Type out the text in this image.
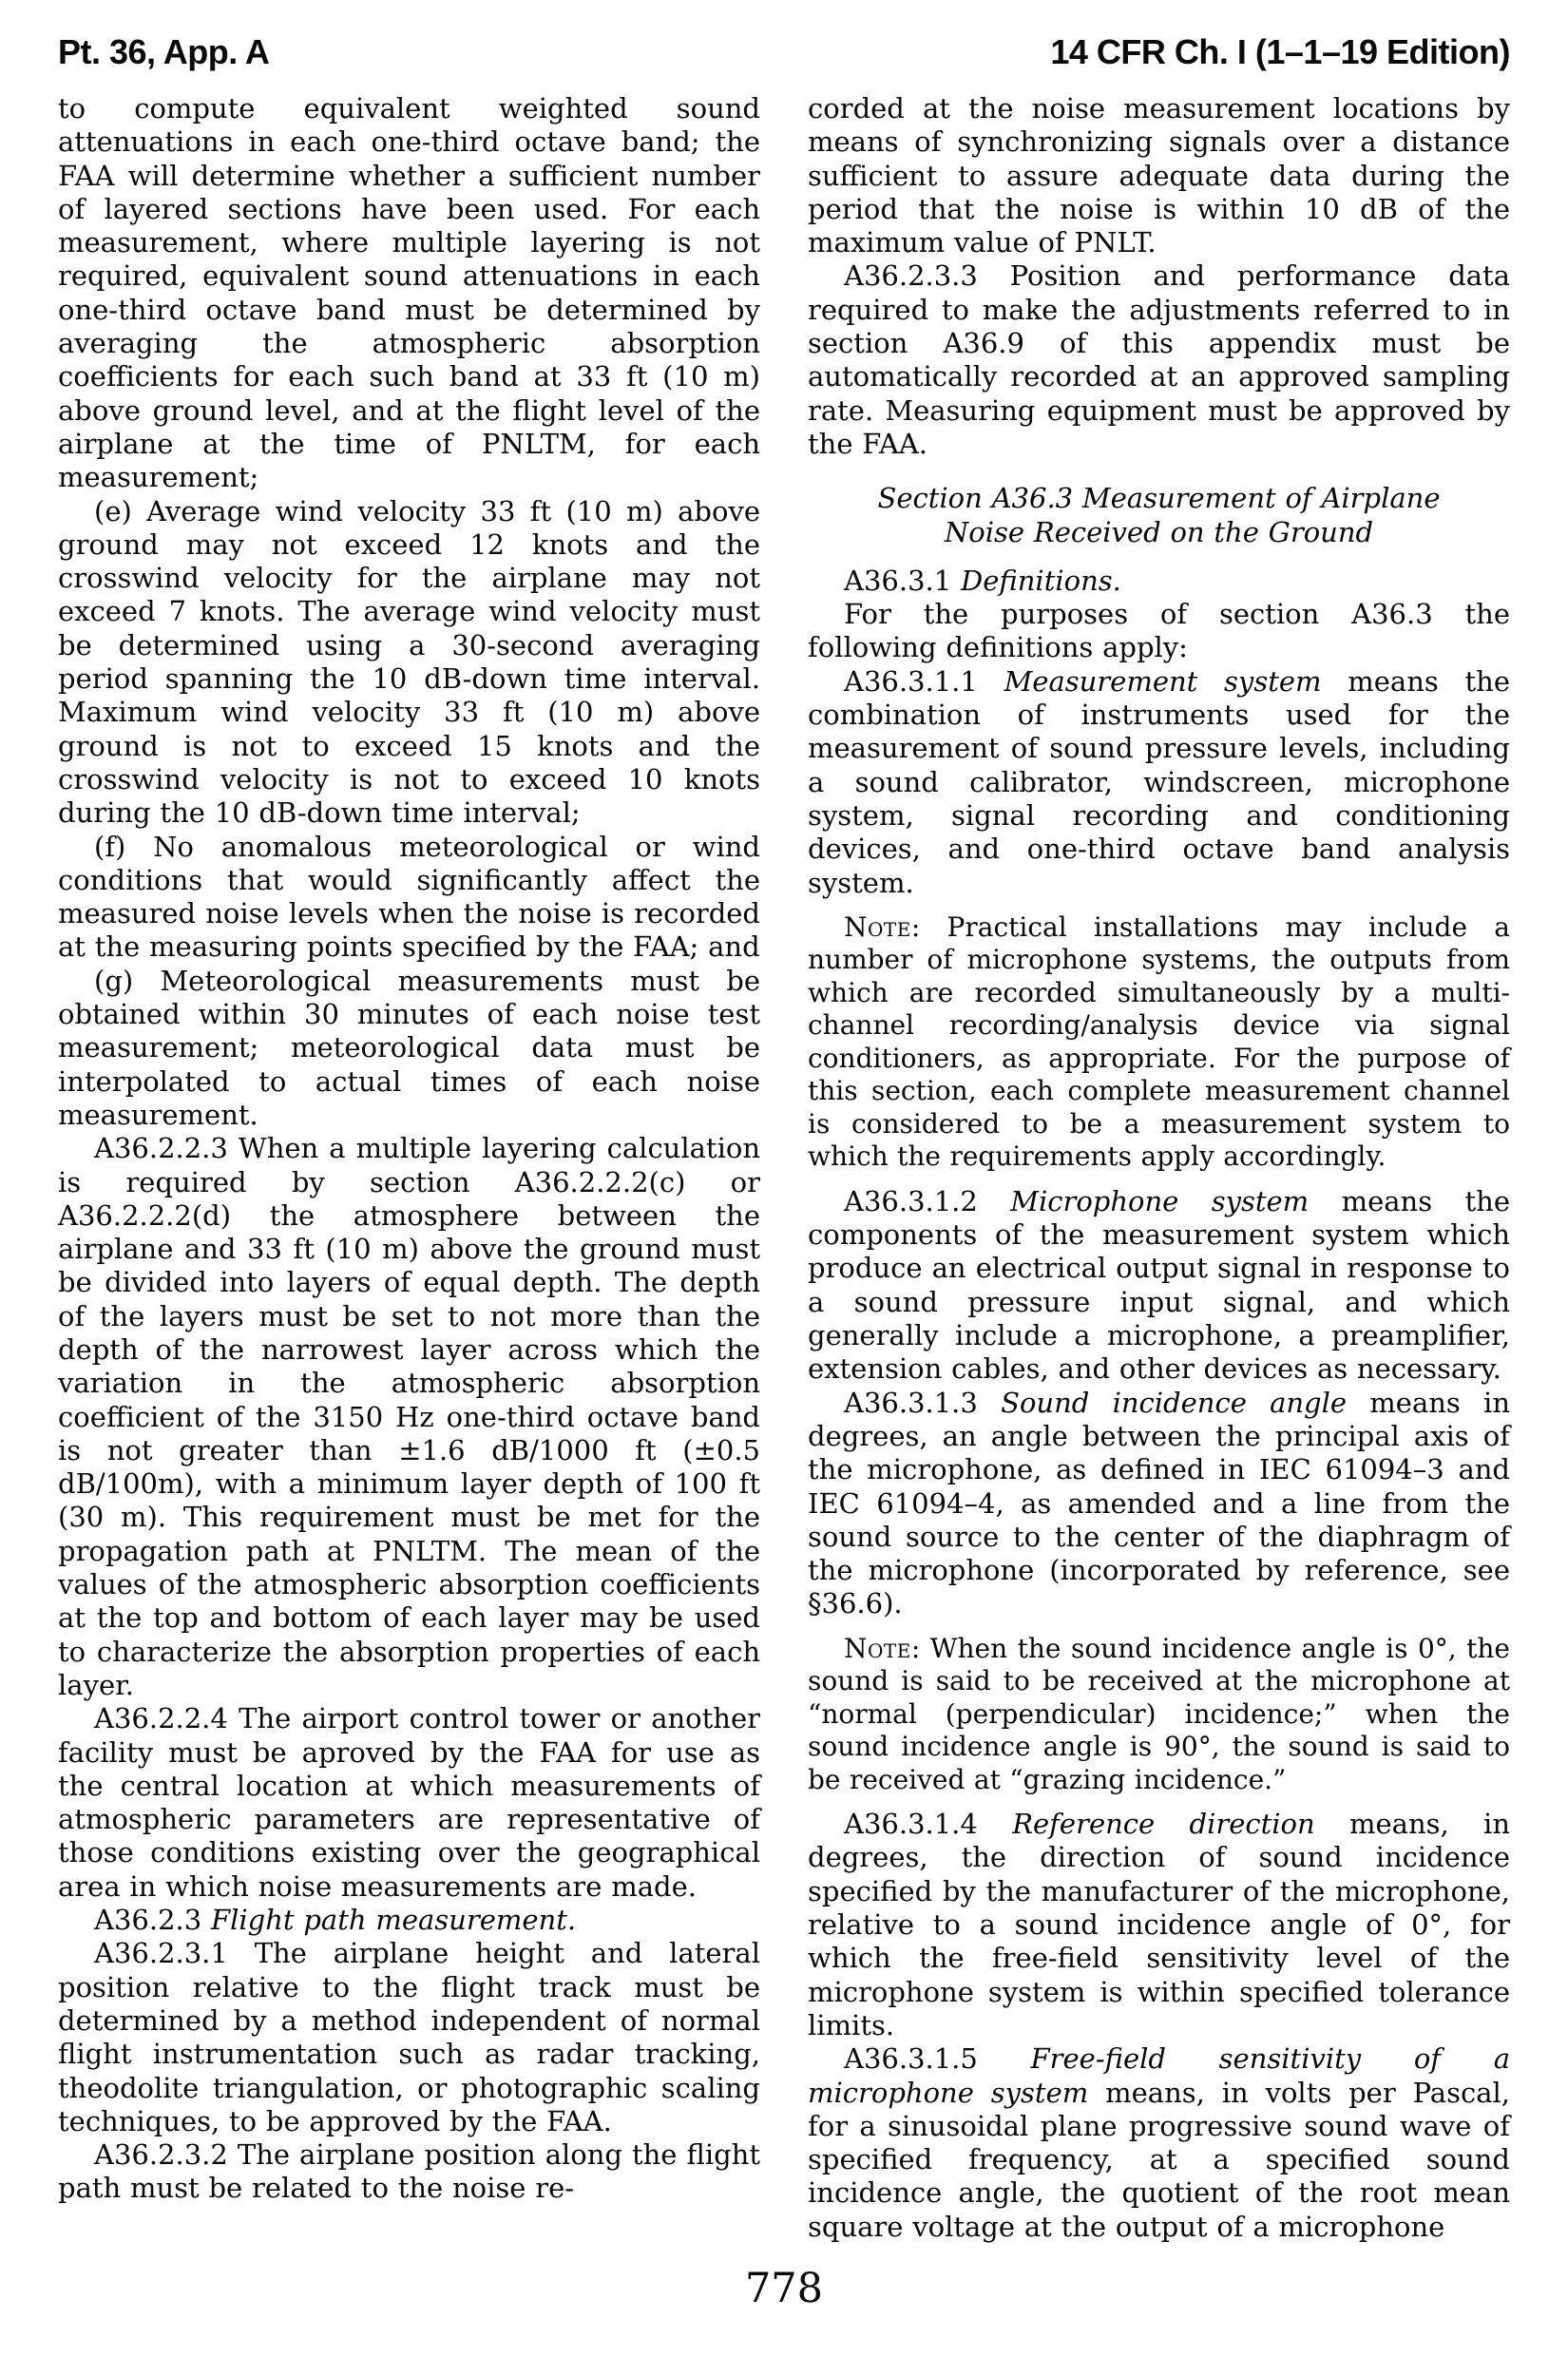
Pt. 36, App. A	14 CFR Ch. I (1–1–19 Edition)

to compute equivalent weighted sound attenuations in each one-third octave band; the FAA will determine whether a sufficient number of layered sections have been used. For each measurement, where multiple layering is not required, equivalent sound attenuations in each one-third octave band must be determined by averaging the atmospheric absorption coefficients for each such band at 33 ft (10 m) above ground level, and at the flight level of the airplane at the time of PNLTM, for each measurement;

(e) Average wind velocity 33 ft (10 m) above ground may not exceed 12 knots and the crosswind velocity for the airplane may not exceed 7 knots. The average wind velocity must be determined using a 30-second averaging period spanning the 10 dB-down time interval. Maximum wind velocity 33 ft (10 m) above ground is not to exceed 15 knots and the crosswind velocity is not to exceed 10 knots during the 10 dB-down time interval;

(f) No anomalous meteorological or wind conditions that would significantly affect the measured noise levels when the noise is recorded at the measuring points specified by the FAA; and

(g) Meteorological measurements must be obtained within 30 minutes of each noise test measurement; meteorological data must be interpolated to actual times of each noise measurement.

A36.2.2.3 When a multiple layering calculation is required by section A36.2.2.2(c) or A36.2.2.2(d) the atmosphere between the airplane and 33 ft (10 m) above the ground must be divided into layers of equal depth. The depth of the layers must be set to not more than the depth of the narrowest layer across which the variation in the atmospheric absorption coefficient of the 3150 Hz one-third octave band is not greater than ±1.6 dB/1000 ft (±0.5 dB/100m), with a minimum layer depth of 100 ft (30 m). This requirement must be met for the propagation path at PNLTM. The mean of the values of the atmospheric absorption coefficients at the top and bottom of each layer may be used to characterize the absorption properties of each layer.

A36.2.2.4 The airport control tower or another facility must be aproved by the FAA for use as the central location at which measurements of atmospheric parameters are representative of those conditions existing over the geographical area in which noise measurements are made.

A36.2.3 Flight path measurement.

A36.2.3.1 The airplane height and lateral position relative to the flight track must be determined by a method independent of normal flight instrumentation such as radar tracking, theodolite triangulation, or photographic scaling techniques, to be approved by the FAA.

A36.2.3.2 The airplane position along the flight path must be related to the noise re-

corded at the noise measurement locations by means of synchronizing signals over a distance sufficient to assure adequate data during the period that the noise is within 10 dB of the maximum value of PNLT.

A36.2.3.3 Position and performance data required to make the adjustments referred to in section A36.9 of this appendix must be automatically recorded at an approved sampling rate. Measuring equipment must be approved by the FAA.

Section A36.3 Measurement of Airplane Noise Received on the Ground

A36.3.1 Definitions.

For the purposes of section A36.3 the following definitions apply:

A36.3.1.1 Measurement system means the combination of instruments used for the measurement of sound pressure levels, including a sound calibrator, windscreen, microphone system, signal recording and conditioning devices, and one-third octave band analysis system.

Note: Practical installations may include a number of microphone systems, the outputs from which are recorded simultaneously by a multi-channel recording/analysis device via signal conditioners, as appropriate. For the purpose of this section, each complete measurement channel is considered to be a measurement system to which the requirements apply accordingly.

A36.3.1.2 Microphone system means the components of the measurement system which produce an electrical output signal in response to a sound pressure input signal, and which generally include a microphone, a preamplifier, extension cables, and other devices as necessary.

A36.3.1.3 Sound incidence angle means in degrees, an angle between the principal axis of the microphone, as defined in IEC 61094–3 and IEC 61094–4, as amended and a line from the sound source to the center of the diaphragm of the microphone (incorporated by reference, see §36.6).

Note: When the sound incidence angle is 0°, the sound is said to be received at the microphone at “normal (perpendicular) incidence;” when the sound incidence angle is 90°, the sound is said to be received at “grazing incidence.”

A36.3.1.4 Reference direction means, in degrees, the direction of sound incidence specified by the manufacturer of the microphone, relative to a sound incidence angle of 0°, for which the free-field sensitivity level of the microphone system is within specified tolerance limits.

A36.3.1.5 Free-field sensitivity of a microphone system means, in volts per Pascal, for a sinusoidal plane progressive sound wave of specified frequency, at a specified sound incidence angle, the quotient of the root mean square voltage at the output of a microphone

778
